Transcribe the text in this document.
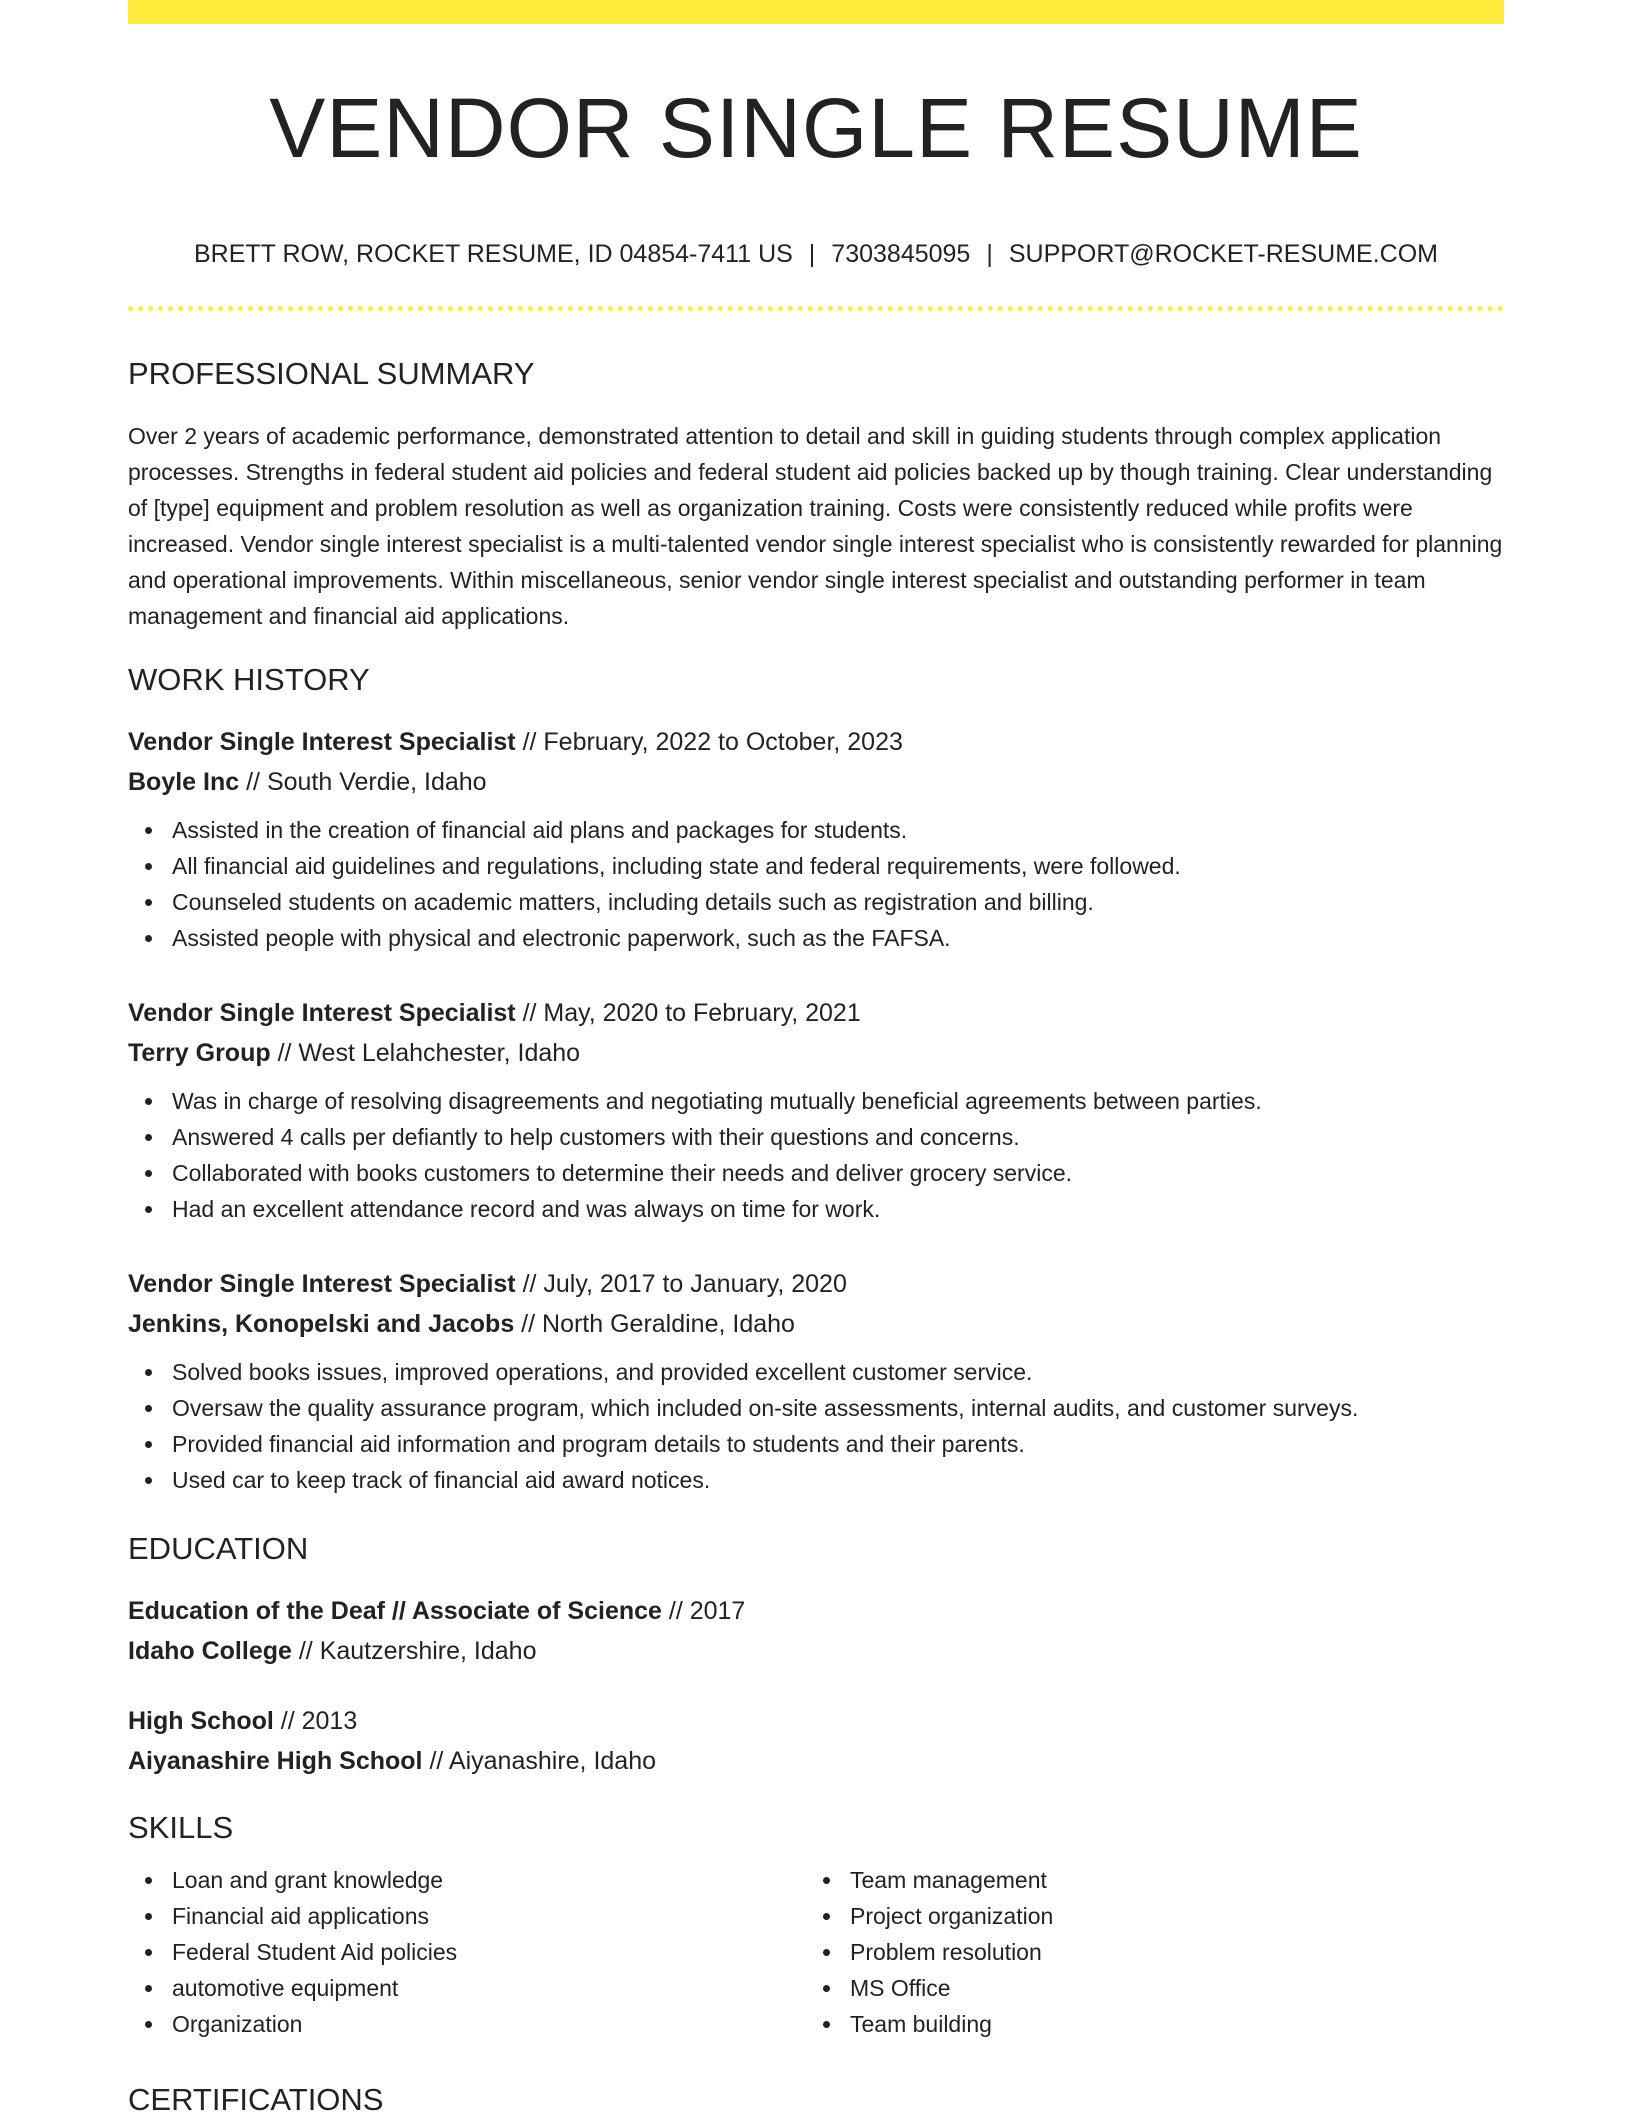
VENDOR SINGLE RESUME
BRETT ROW, ROCKET RESUME, ID 04854-7411 US | 7303845095 | SUPPORT@ROCKET-RESUME.COM
PROFESSIONAL SUMMARY

Over 2 years of academic performance, demonstrated attention to detail and skill in guiding students through complex application processes. Strengths in federal student aid policies and federal student aid policies backed up by though training. Clear understanding of [type] equipment and problem resolution as well as organization training. Costs were consistently reduced while profits were increased. Vendor single interest specialist is a multi-talented vendor single interest specialist who is consistently rewarded for planning and operational improvements. Within miscellaneous, senior vendor single interest specialist and outstanding performer in team management and financial aid applications.

WORK HISTORY
Vendor Single Interest Specialist // February, 2022 to October, 2023
Boyle Inc // South Verdie, Idaho
Assisted in the creation of financial aid plans and packages for students.
All financial aid guidelines and regulations, including state and federal requirements, were followed.
Counseled students on academic matters, including details such as registration and billing.
Assisted people with physical and electronic paperwork, such as the FAFSA.
Vendor Single Interest Specialist // May, 2020 to February, 2021
Terry Group // West Lelahchester, Idaho
Was in charge of resolving disagreements and negotiating mutually beneficial agreements between parties.
Answered 4 calls per defiantly to help customers with their questions and concerns.
Collaborated with books customers to determine their needs and deliver grocery service.
Had an excellent attendance record and was always on time for work.
Vendor Single Interest Specialist // July, 2017 to January, 2020
Jenkins, Konopelski and Jacobs // North Geraldine, Idaho
Solved books issues, improved operations, and provided excellent customer service.
Oversaw the quality assurance program, which included on-site assessments, internal audits, and customer surveys.
Provided financial aid information and program details to students and their parents.
Used car to keep track of financial aid award notices.
EDUCATION
Education of the Deaf // Associate of Science // 2017
Idaho College // Kautzershire, Idaho
High School // 2013
Aiyanashire High School // Aiyanashire, Idaho
SKILLS
Loan and grant knowledge
Financial aid applications
Federal Student Aid policies
automotive equipment
Organization
Team management
Project organization
Problem resolution
MS Office
Team building
CERTIFICATIONS
